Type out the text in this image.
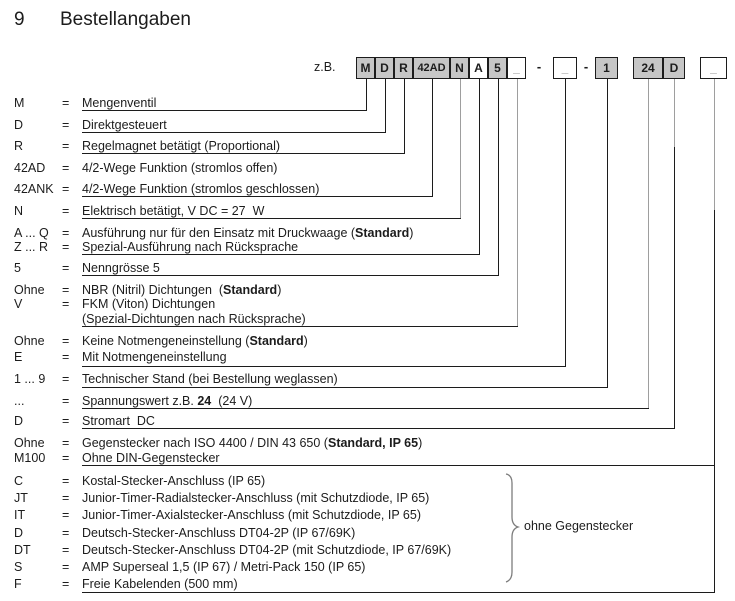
9 Bestellangaben
z.B.	M D R 42AD N A 5	_	_	1	24	D	_
-	-
M	= Mengenventil
D	= Direktgesteuert
R	= Regelmagnet betätigt (Proportional)
42AD = 4/2-Wege Funktion (stromlos offen)
42ANK = 4/2-Wege Funktion (stromlos geschlossen)
N	= Elektrisch betätigt, V DC = 27  W
A ... Q = Ausführung nur für den Einsatz mit Druckwaage (Standard)
Z ... R = Spezial-Ausführung nach Rücksprache
5	= Nenngrösse 5
Ohne = NBR (Nitril) Dichtungen  (Standard)
V	= FKM (Viton) Dichtungen
(Spezial-Dichtungen nach Rücksprache)
Ohne = Keine Notmengeneinstellung (Standard)
E	= Mit Notmengeneinstellung
1 ... 9 = Technischer Stand (bei Bestellung weglassen)
...	= Spannungswert z.B. 24  (24 V)
D	= Stromart  DC
Ohne = Gegenstecker nach ISO 4400 / DIN 43 650 (Standard, IP 65)
M100 = Ohne DIN-Gegenstecker
C	= Kostal-Stecker-Anschluss (IP 65)
JT	= Junior-Timer-Radialstecker-Anschluss (mit Schutzdiode, IP 65)
IT	= Junior-Timer-Axialstecker-Anschluss (mit Schutzdiode, IP 65)
D	= Deutsch-Stecker-Anschluss DT04-2P (IP 67/69K)
DT	= Deutsch-Stecker-Anschluss DT04-2P (mit Schutzdiode, IP 67/69K)
S	= AMP Superseal 1,5 (IP 67) / Metri-Pack 150 (IP 65)
F	= Freie Kabelenden (500 mm)
ohne Gegenstecker
